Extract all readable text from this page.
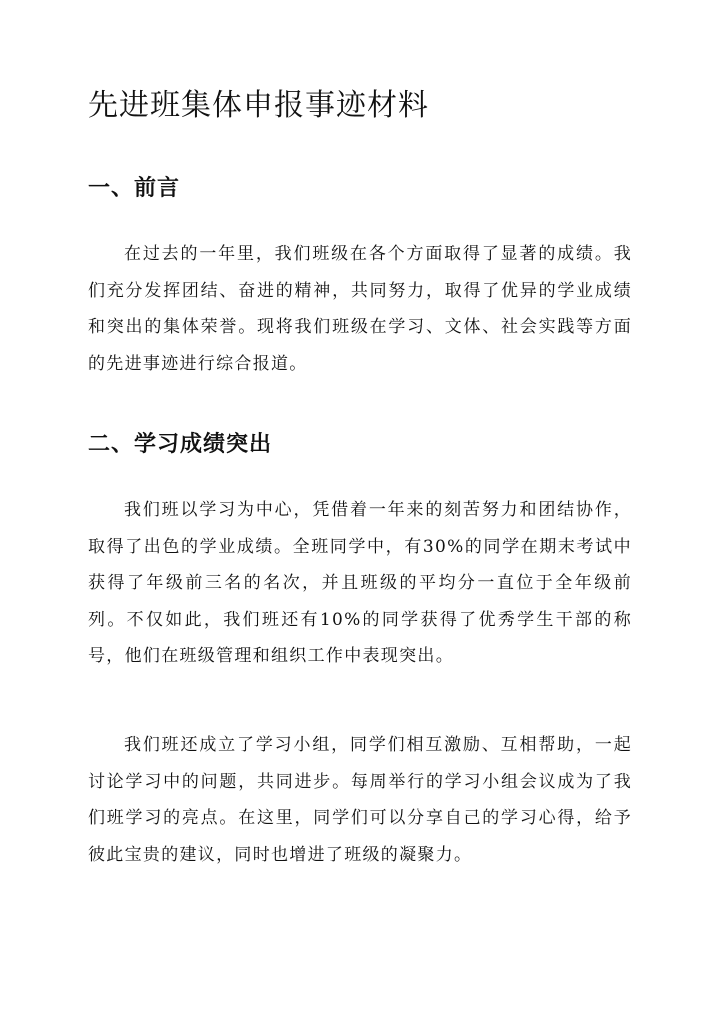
先进班集体申报事迹材料
一、前言

在过去的一年里，我们班级在各个方面取得了显著的成绩。我们充分发挥团结、奋进的精神，共同努力，取得了优异的学业成绩和突出的集体荣誉。现将我们班级在学习、文体、社会实践等方面的先进事迹进行综合报道。

二、学习成绩突出

我们班以学习为中心，凭借着一年来的刻苦努力和团结协作，取得了出色的学业成绩。全班同学中，有30%的同学在期末考试中获得了年级前三名的名次，并且班级的平均分一直位于全年级前列。不仅如此，我们班还有10%的同学获得了优秀学生干部的称号，他们在班级管理和组织工作中表现突出。

我们班还成立了学习小组，同学们相互激励、互相帮助，一起讨论学习中的问题，共同进步。每周举行的学习小组会议成为了我们班学习的亮点。在这里，同学们可以分享自己的学习心得，给予彼此宝贵的建议，同时也增进了班级的凝聚力。
